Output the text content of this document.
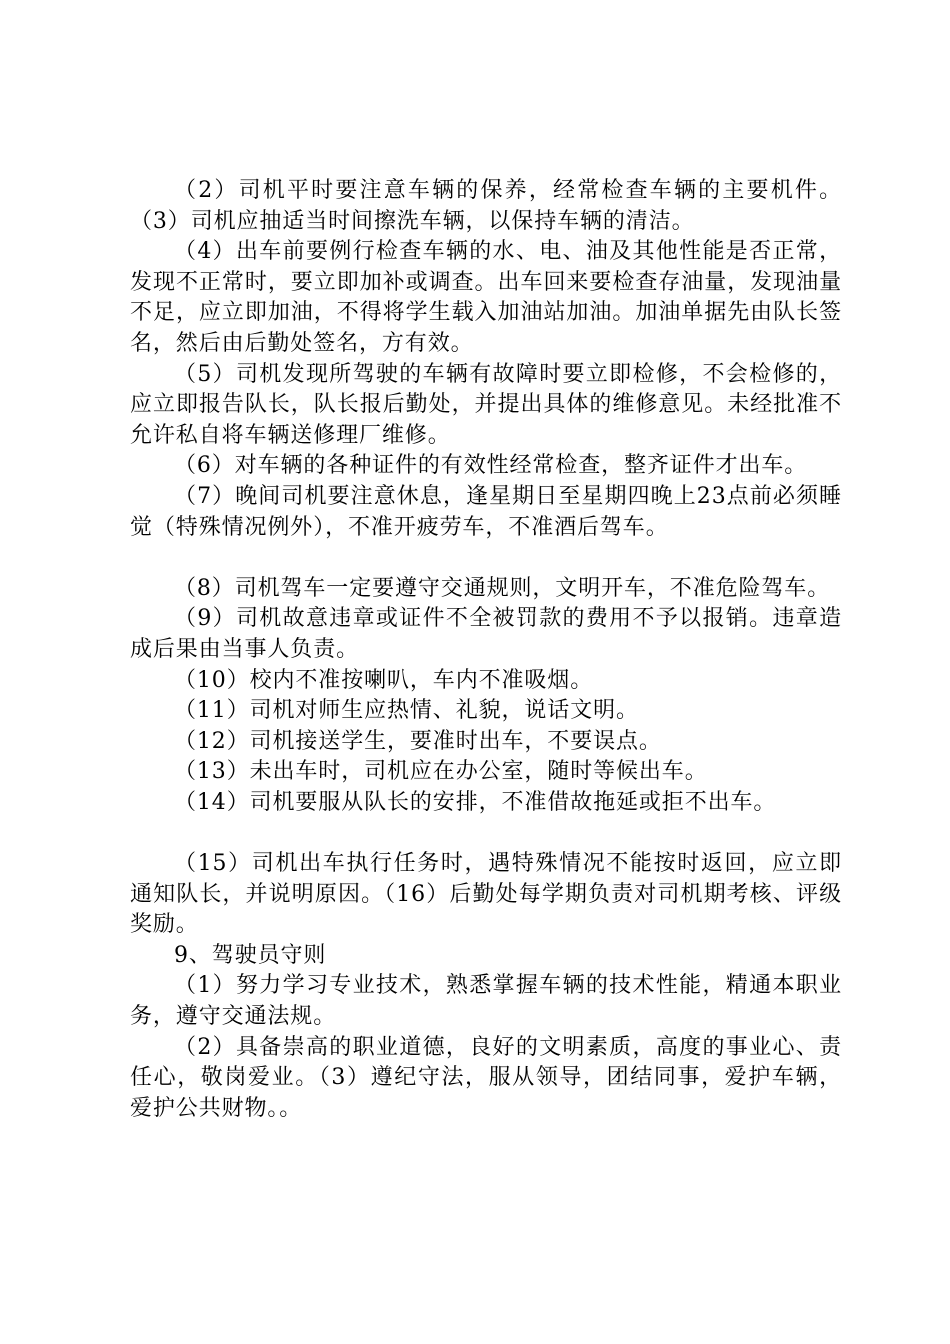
（2）司机平时要注意车辆的保养，经常检查车辆的主要机件。（3）司机应抽适当时间擦洗车辆，以保持车辆的清洁。

（4）出车前要例行检查车辆的水、电、油及其他性能是否正常，发现不正常时，要立即加补或调查。出车回来要检查存油量，发现油量不足，应立即加油，不得将学生载入加油站加油。加油单据先由队长签名，然后由后勤处签名，方有效。

（5）司机发现所驾驶的车辆有故障时要立即检修，不会检修的，应立即报告队长，队长报后勤处，并提出具体的维修意见。未经批准不允许私自将车辆送修理厂维修。

（6）对车辆的各种证件的有效性经常检查，整齐证件才出车。

（7）晚间司机要注意休息，逢星期日至星期四晚上23点前必须睡觉（特殊情况例外），不准开疲劳车，不准酒后驾车。

（8）司机驾车一定要遵守交通规则，文明开车，不准危险驾车。

（9）司机故意违章或证件不全被罚款的费用不予以报销。违章造成后果由当事人负责。

（10）校内不准按喇叭，车内不准吸烟。

（11）司机对师生应热情、礼貌，说话文明。

（12）司机接送学生，要准时出车，不要误点。

（13）未出车时，司机应在办公室，随时等候出车。

（14）司机要服从队长的安排，不准借故拖延或拒不出车。

（15）司机出车执行任务时，遇特殊情况不能按时返回，应立即通知队长，并说明原因。（16）后勤处每学期负责对司机期考核、评级奖励。

9、驾驶员守则

（1）努力学习专业技术，熟悉掌握车辆的技术性能，精通本职业务，遵守交通法规。

（2）具备崇高的职业道德，良好的文明素质，高度的事业心、责任心，敬岗爱业。（3）遵纪守法，服从领导，团结同事，爱护车辆，爱护公共财物。。
